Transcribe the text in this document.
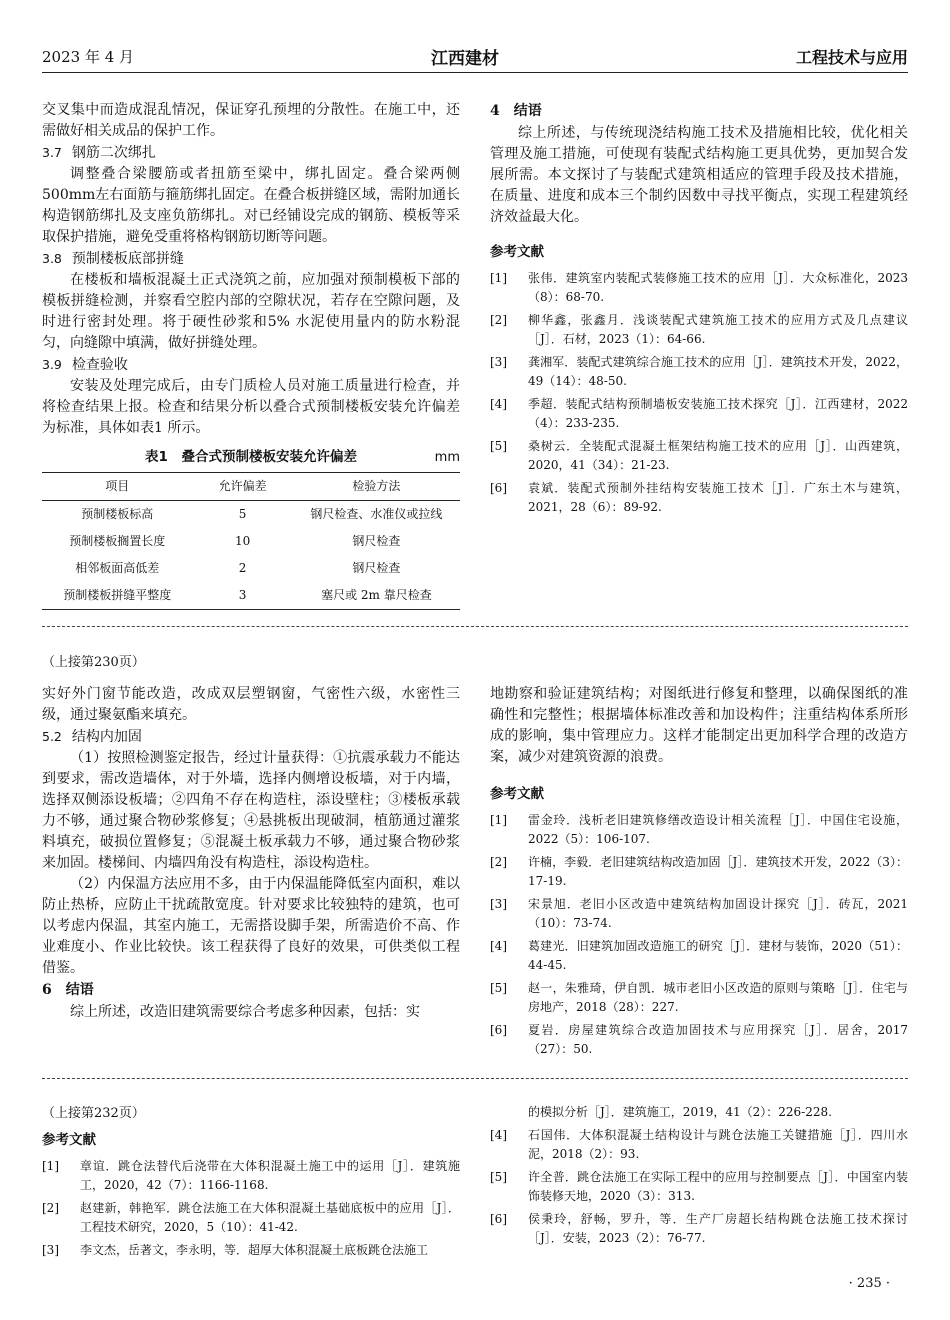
2023 年 4 月	江西建材	工程技术与应用

交叉集中而造成混乱情况，保证穿孔预埋的分散性。在施工中，还需做好相关成品的保护工作。

3.7 钢筋二次绑扎

调整叠合梁腰筋或者扭筋至梁中，绑扎固定。叠合梁两侧500mm左右面筋与箍筋绑扎固定。在叠合板拼缝区域，需附加通长构造钢筋绑扎及支座负筋绑扎。对已经铺设完成的钢筋、模板等采取保护措施，避免受重将格构钢筋切断等问题。

3.8 预制楼板底部拼缝

在楼板和墙板混凝土正式浇筑之前，应加强对预制模板下部的模板拼缝检测，并察看空腔内部的空隙状况，若存在空隙问题，及时进行密封处理。将于硬性砂浆和5% 水泥使用量内的防水粉混匀，向缝隙中填满，做好拼缝处理。

3.9 检查验收

安装及处理完成后，由专门质检人员对施工质量进行检查，并将检查结果上报。检查和结果分析以叠合式预制楼板安装允许偏差为标准，具体如表1 所示。

表1　叠合式预制楼板安装允许偏差	mm
项目	允许偏差	检验方法
预制楼板标高	5	钢尺检查、水准仪或拉线
预制楼板搁置长度	10	钢尺检查
相邻板面高低差	2	钢尺检查
预制楼板拼缝平整度	3	塞尺或 2m 靠尺检查

4　结语

综上所述，与传统现浇结构施工技术及措施相比较，优化相关管理及施工措施，可使现有装配式结构施工更具优势，更加契合发展所需。本文探讨了与装配式建筑相适应的管理手段及技术措施，在质量、进度和成本三个制约因数中寻找平衡点，实现工程建筑经济效益最大化。

参考文献

[1]	张伟．建筑室内装配式装修施工技术的应用［J］．大众标准化，2023（8）：68-70.
[2]	柳华鑫，张鑫月．浅谈装配式建筑施工技术的应用方式及几点建议［J］．石材，2023（1）：64-66.
[3]	龚湘军．装配式建筑综合施工技术的应用［J］．建筑技术开发，2022，49（14）：48-50.
[4]	季超．装配式结构预制墙板安装施工技术探究［J］．江西建材，2022（4）：233-235.
[5]	桑树云．全装配式混凝土框架结构施工技术的应用［J］．山西建筑，2020，41（34）：21-23.
[6]	袁斌．装配式预制外挂结构安装施工技术［J］．广东土木与建筑，2021，28（6）：89-92.
（上接第230页）

实好外门窗节能改造，改成双层塑钢窗，气密性六级，水密性三级，通过聚氨酯来填充。

5.2 结构内加固

（1）按照检测鉴定报告，经过计量获得：①抗震承载力不能达到要求，需改造墙体，对于外墙，选择内侧增设板墙，对于内墙，选择双侧添设板墙；②四角不存在构造柱，添设壁柱；③楼板承载力不够，通过聚合物砂浆修复；④悬挑板出现破洞，植筋通过灌浆料填充，破损位置修复；⑤混凝土板承载力不够，通过聚合物砂浆来加固。楼梯间、内墙四角没有构造柱，添设构造柱。

（2）内保温方法应用不多，由于内保温能降低室内面积，难以防止热桥，应防止干扰疏散宽度。针对要求比较独特的建筑，也可以考虑内保温，其室内施工，无需搭设脚手架，所需造价不高、作业难度小、作业比较快。该工程获得了良好的效果，可供类似工程借鉴。

6　结语

综上所述，改造旧建筑需要综合考虑多种因素，包括：实

地勘察和验证建筑结构；对图纸进行修复和整理，以确保图纸的准确性和完整性；根据墙体标准改善和加设构件；注重结构体系所形成的影响，集中管理应力。这样才能制定出更加科学合理的改造方案，减少对建筑资源的浪费。

参考文献

[1]	雷金玲．浅析老旧建筑修缮改造设计相关流程［J］．中国住宅设施，2022（5）：106-107.
[2]	许楠，李毅．老旧建筑结构改造加固［J］．建筑技术开发，2022（3）：17-19.
[3]	宋景旭．老旧小区改造中建筑结构加固设计探究［J］．砖瓦，2021（10）：73-74.
[4]	葛建光．旧建筑加固改造施工的研究［J］．建材与装饰，2020（51）：44-45.
[5]	赵一，朱雅琦，伊自凯．城市老旧小区改造的原则与策略［J］．住宅与房地产，2018（28）：227.
[6]	夏岩．房屋建筑综合改造加固技术与应用探究［J］．居舍，2017（27）：50.
（上接第232页）

参考文献

[1]	章谊．跳仓法替代后浇带在大体积混凝土施工中的运用［J］．建筑施工，2020，42（7）：1166-1168.
[2]	赵建新，韩艳军．跳仓法施工在大体积混凝土基础底板中的应用［J］．工程技术研究，2020，5（10）：41-42.
[3]	李文杰，岳著文，李永明，等．超厚大体积混凝土底板跳仓法施工
的模拟分析［J］．建筑施工，2019，41（2）：226-228.
[4]	石国伟．大体积混凝土结构设计与跳仓法施工关键措施［J］．四川水泥，2018（2）：93.
[5]	许全普．跳仓法施工在实际工程中的应用与控制要点［J］．中国室内装饰装修天地，2020（3）：313.
[6]	侯秉玲，舒畅，罗升，等．生产厂房超长结构跳仓法施工技术探讨［J］．安装，2023（2）：76-77.
· 235 ·
